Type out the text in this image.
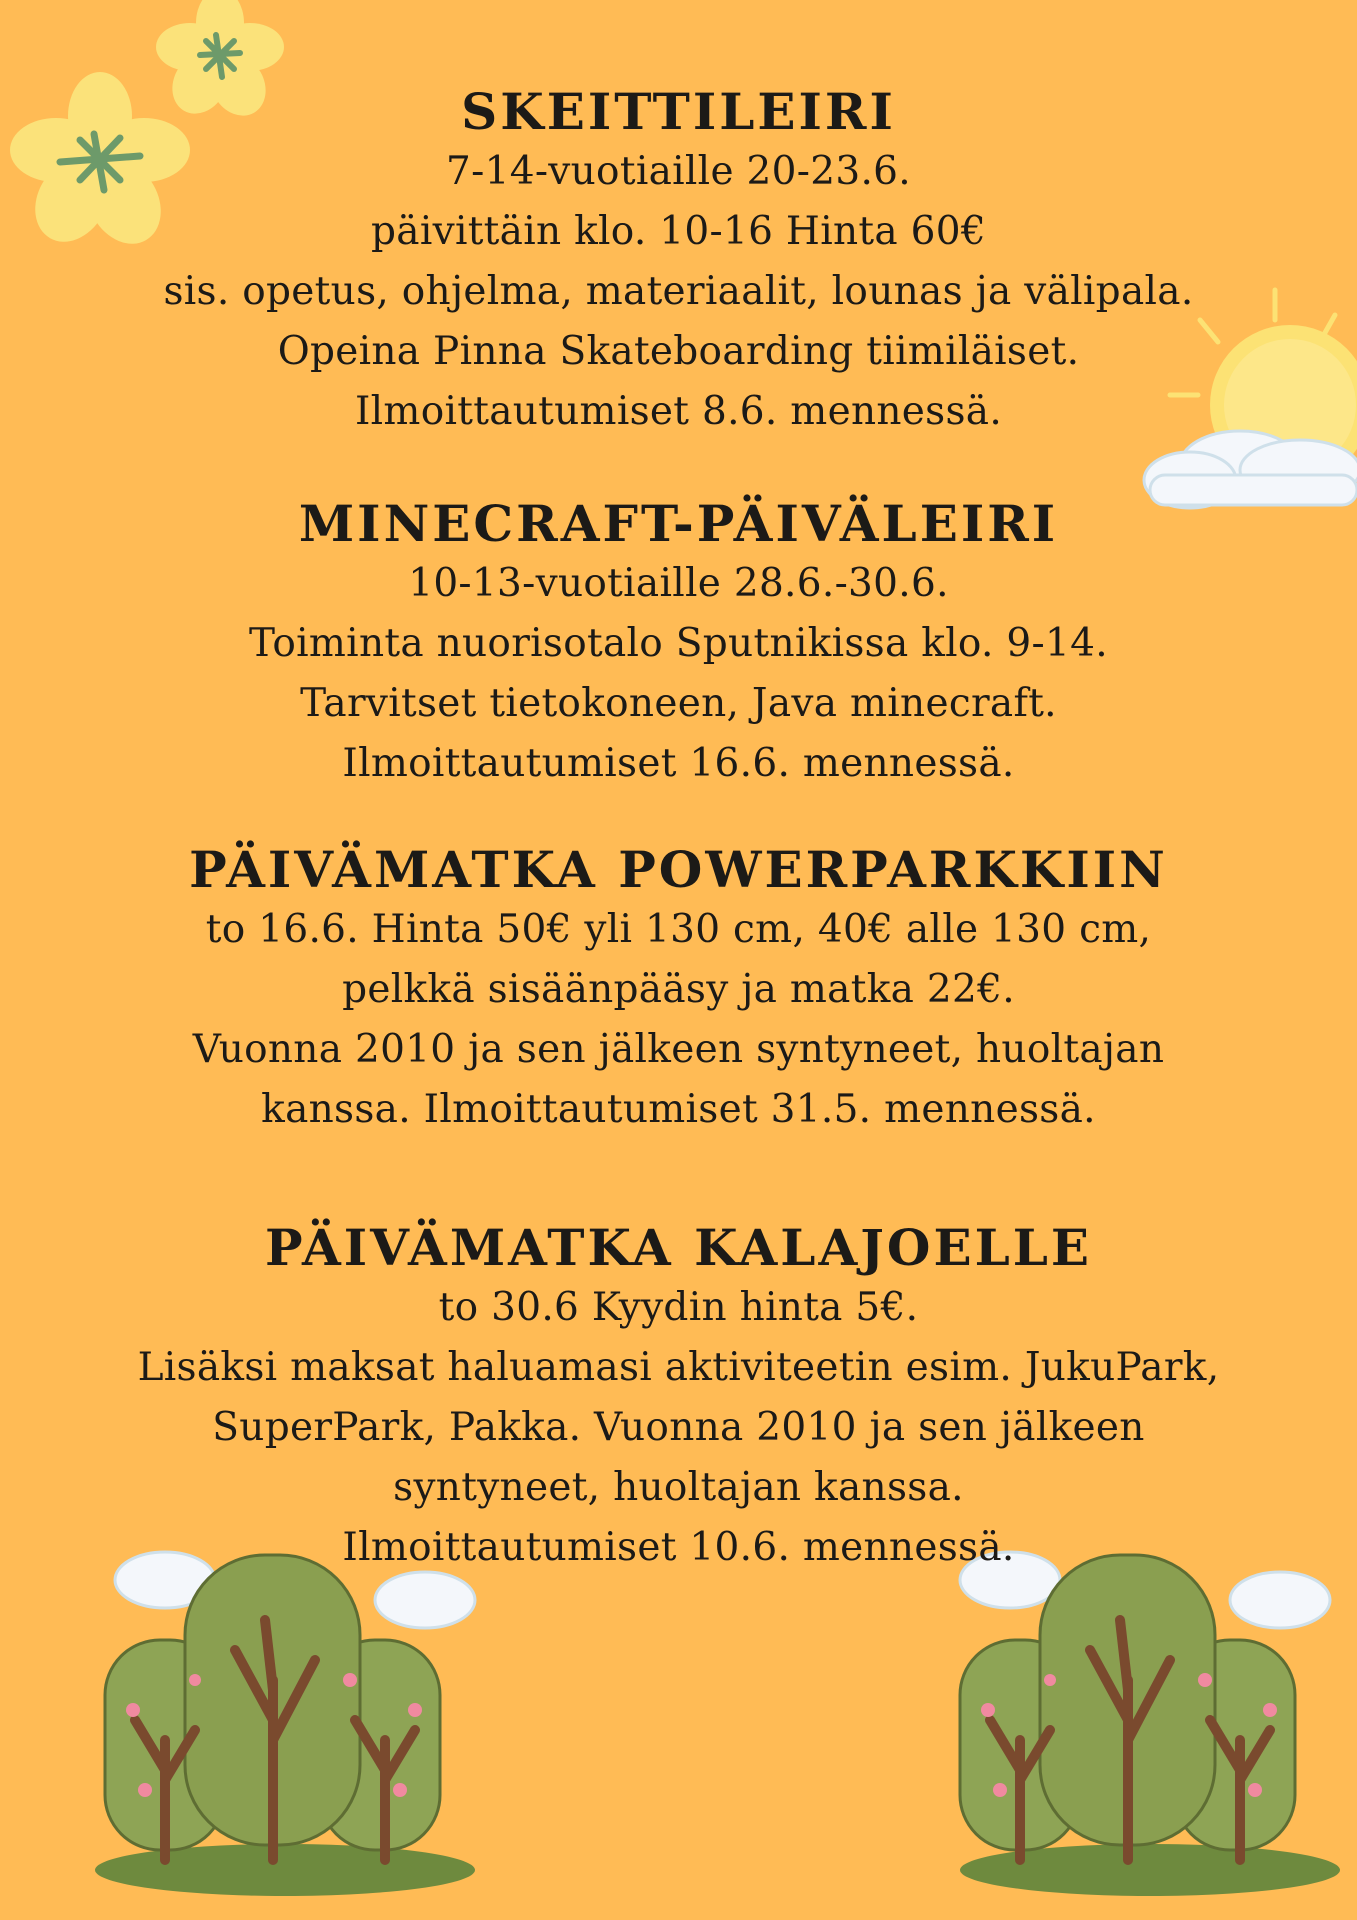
SKEITTILEIRI

7-14-vuotiaille 20-23.6.

päivittäin klo. 10-16 Hinta 60€

sis. opetus, ohjelma, materiaalit, lounas ja välipala.

Opeina Pinna Skateboarding tiimiläiset.

Ilmoittautumiset 8.6. mennessä.

MINECRAFT-PÄIVÄLEIRI

10-13-vuotiaille 28.6.-30.6.

Toiminta nuorisotalo Sputnikissa klo. 9-14.

Tarvitset tietokoneen, Java minecraft.

Ilmoittautumiset 16.6. mennessä.

PÄIVÄMATKA POWERPARKKIIN

to 16.6. Hinta 50€ yli 130 cm, 40€ alle 130 cm,

pelkkä sisäänpääsy ja matka 22€.

Vuonna 2010 ja sen jälkeen syntyneet, huoltajan

kanssa. Ilmoittautumiset 31.5. mennessä.

PÄIVÄMATKA KALAJOELLE

to 30.6 Kyydin hinta 5€.

Lisäksi maksat haluamasi aktiviteetin esim. JukuPark,

SuperPark, Pakka. Vuonna 2010 ja sen jälkeen

syntyneet, huoltajan kanssa.

Ilmoittautumiset 10.6. mennessä.
